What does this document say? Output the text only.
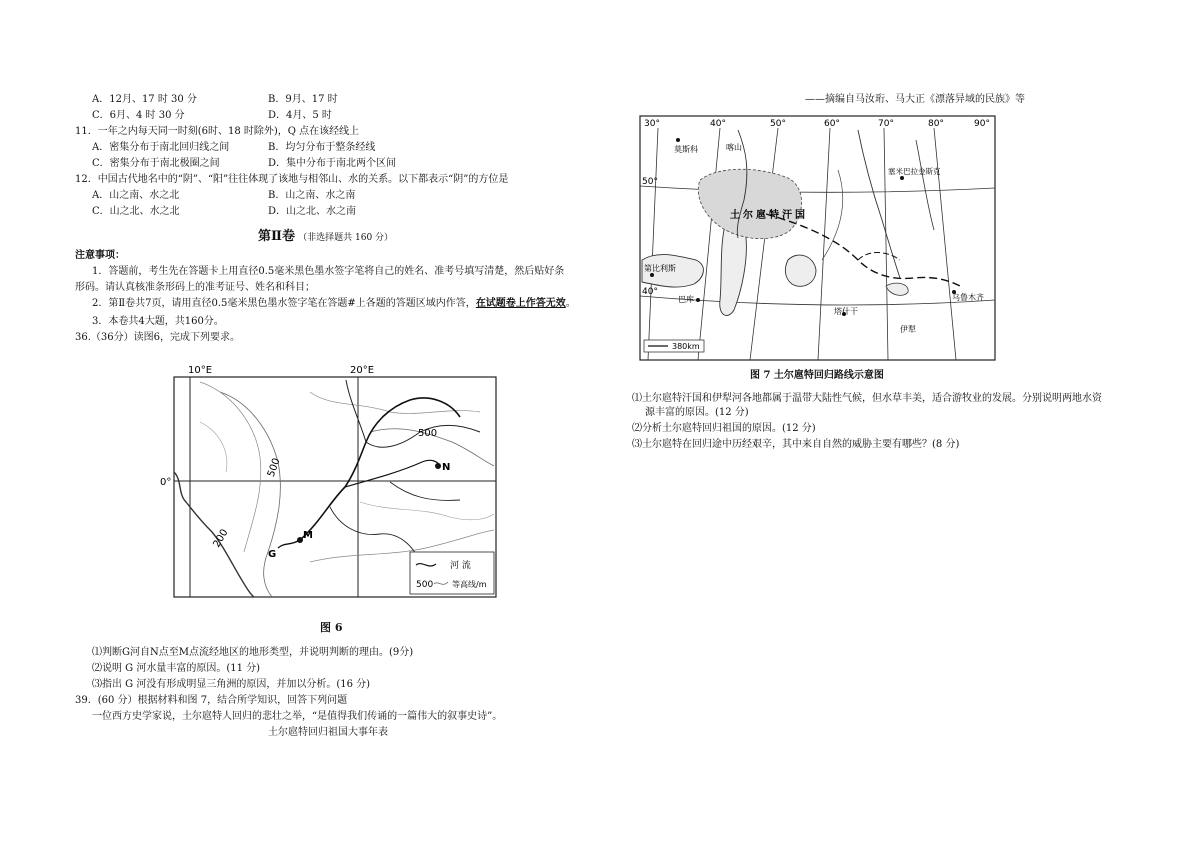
A．12月、17 时 30 分	B．9月、17 时
C．6月、4 时 30 分	D．4月、5 时
11．一年之内每天同一时刻(6时、18 时除外)，Q 点在该经线上
A．密集分布于南北回归线之间	B．均匀分布于整条经线
C．密集分布于南北极圈之间	D．集中分布于南北两个区间
12．中国古代地名中的“阴”、“阳”往往体现了该地与相邻山、水的关系。以下都表示“阴”的方位是
A．山之南、水之北	B．山之南、水之南
C．山之北、水之北	D．山之北、水之南
第Ⅱ卷 （非选择题共 160 分）
注意事项：
1．答题前，考生先在答题卡上用直径0.5毫米黑色墨水签字笔将自己的姓名、准考号填写清楚，然后贴好条
形码。请认真核准条形码上的准考证号、姓名和科目；
2．第Ⅱ卷共7页，请用直径0.5毫米黑色墨水签字笔在答题#上各题的答题区域内作答，在试题卷上作答无效。
3．本卷共4大题，共160分。
36.（36分）读图6，完成下列要求。
10°E	20°E
0°
500
500
200
N
M
G
河 流
500 等高线/m
图 6
⑴判断G河自N点至M点流经地区的地形类型，并说明判断的理由。(9分)
⑵说明 G 河水量丰富的原因。(11 分)
⑶指出 G 河没有形成明显三角洲的原因，并加以分析。(16 分)
39．(60 分）根据材料和图 7，结合所学知识，回答下列问题
一位西方史学家说，土尔扈特人回归的悲壮之举，“是值得我们传诵的一篇伟大的叙事史诗”。
土尔扈特回归祖国大事年表
——摘编自马汝珩、马大正《漂落异域的民族》等
30°	40°	50°	60°	70°	80°	90°
50°
40°
莫斯科	喀山
土尔扈特汗国
塞米巴拉金斯克
第比利斯
巴库
塔什干
乌鲁木齐
伊犁
380km
图 7 土尔扈特回归路线示意图
⑴土尔扈特汗国和伊犁河各地都属于温带大陆性气候，但水草丰美，适合游牧业的发展。分别说明两地水资
源丰富的原因。(12 分)
⑵分析土尔扈特回归祖国的原因。(12 分)
⑶土尔扈特在回归途中历经艰辛，其中来自自然的威胁主要有哪些？(8 分)
